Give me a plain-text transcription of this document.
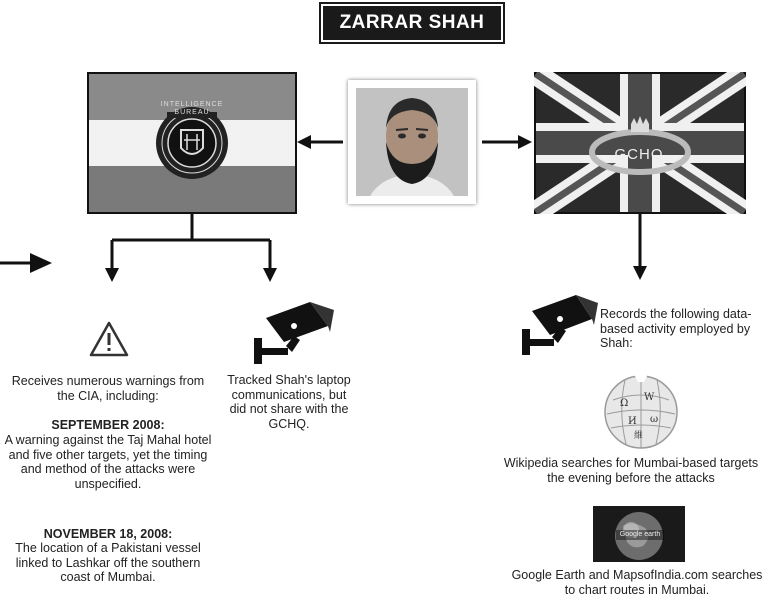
ZARRAR SHAH
INTELLIGENCE BUREAU
GCHQ
Receives numerous warnings from the CIA, including:
SEPTEMBER 2008:
A warning against the Taj Mahal hotel and five other targets, yet the timing and method of the attacks were unspecified.
NOVEMBER 18, 2008:
The location of a Pakistani vessel linked to Lashkar off the southern coast of Mumbai.
Tracked Shah's laptop communications, but did not share with the GCHQ.
Records the following data-based activity employed by Shah:
Ω
W
И ω
維
Wikipedia searches for Mumbai-based targets the evening before the attacks
Google earth
Google Earth and MapsofIndia.com searches to chart routes in Mumbai.
